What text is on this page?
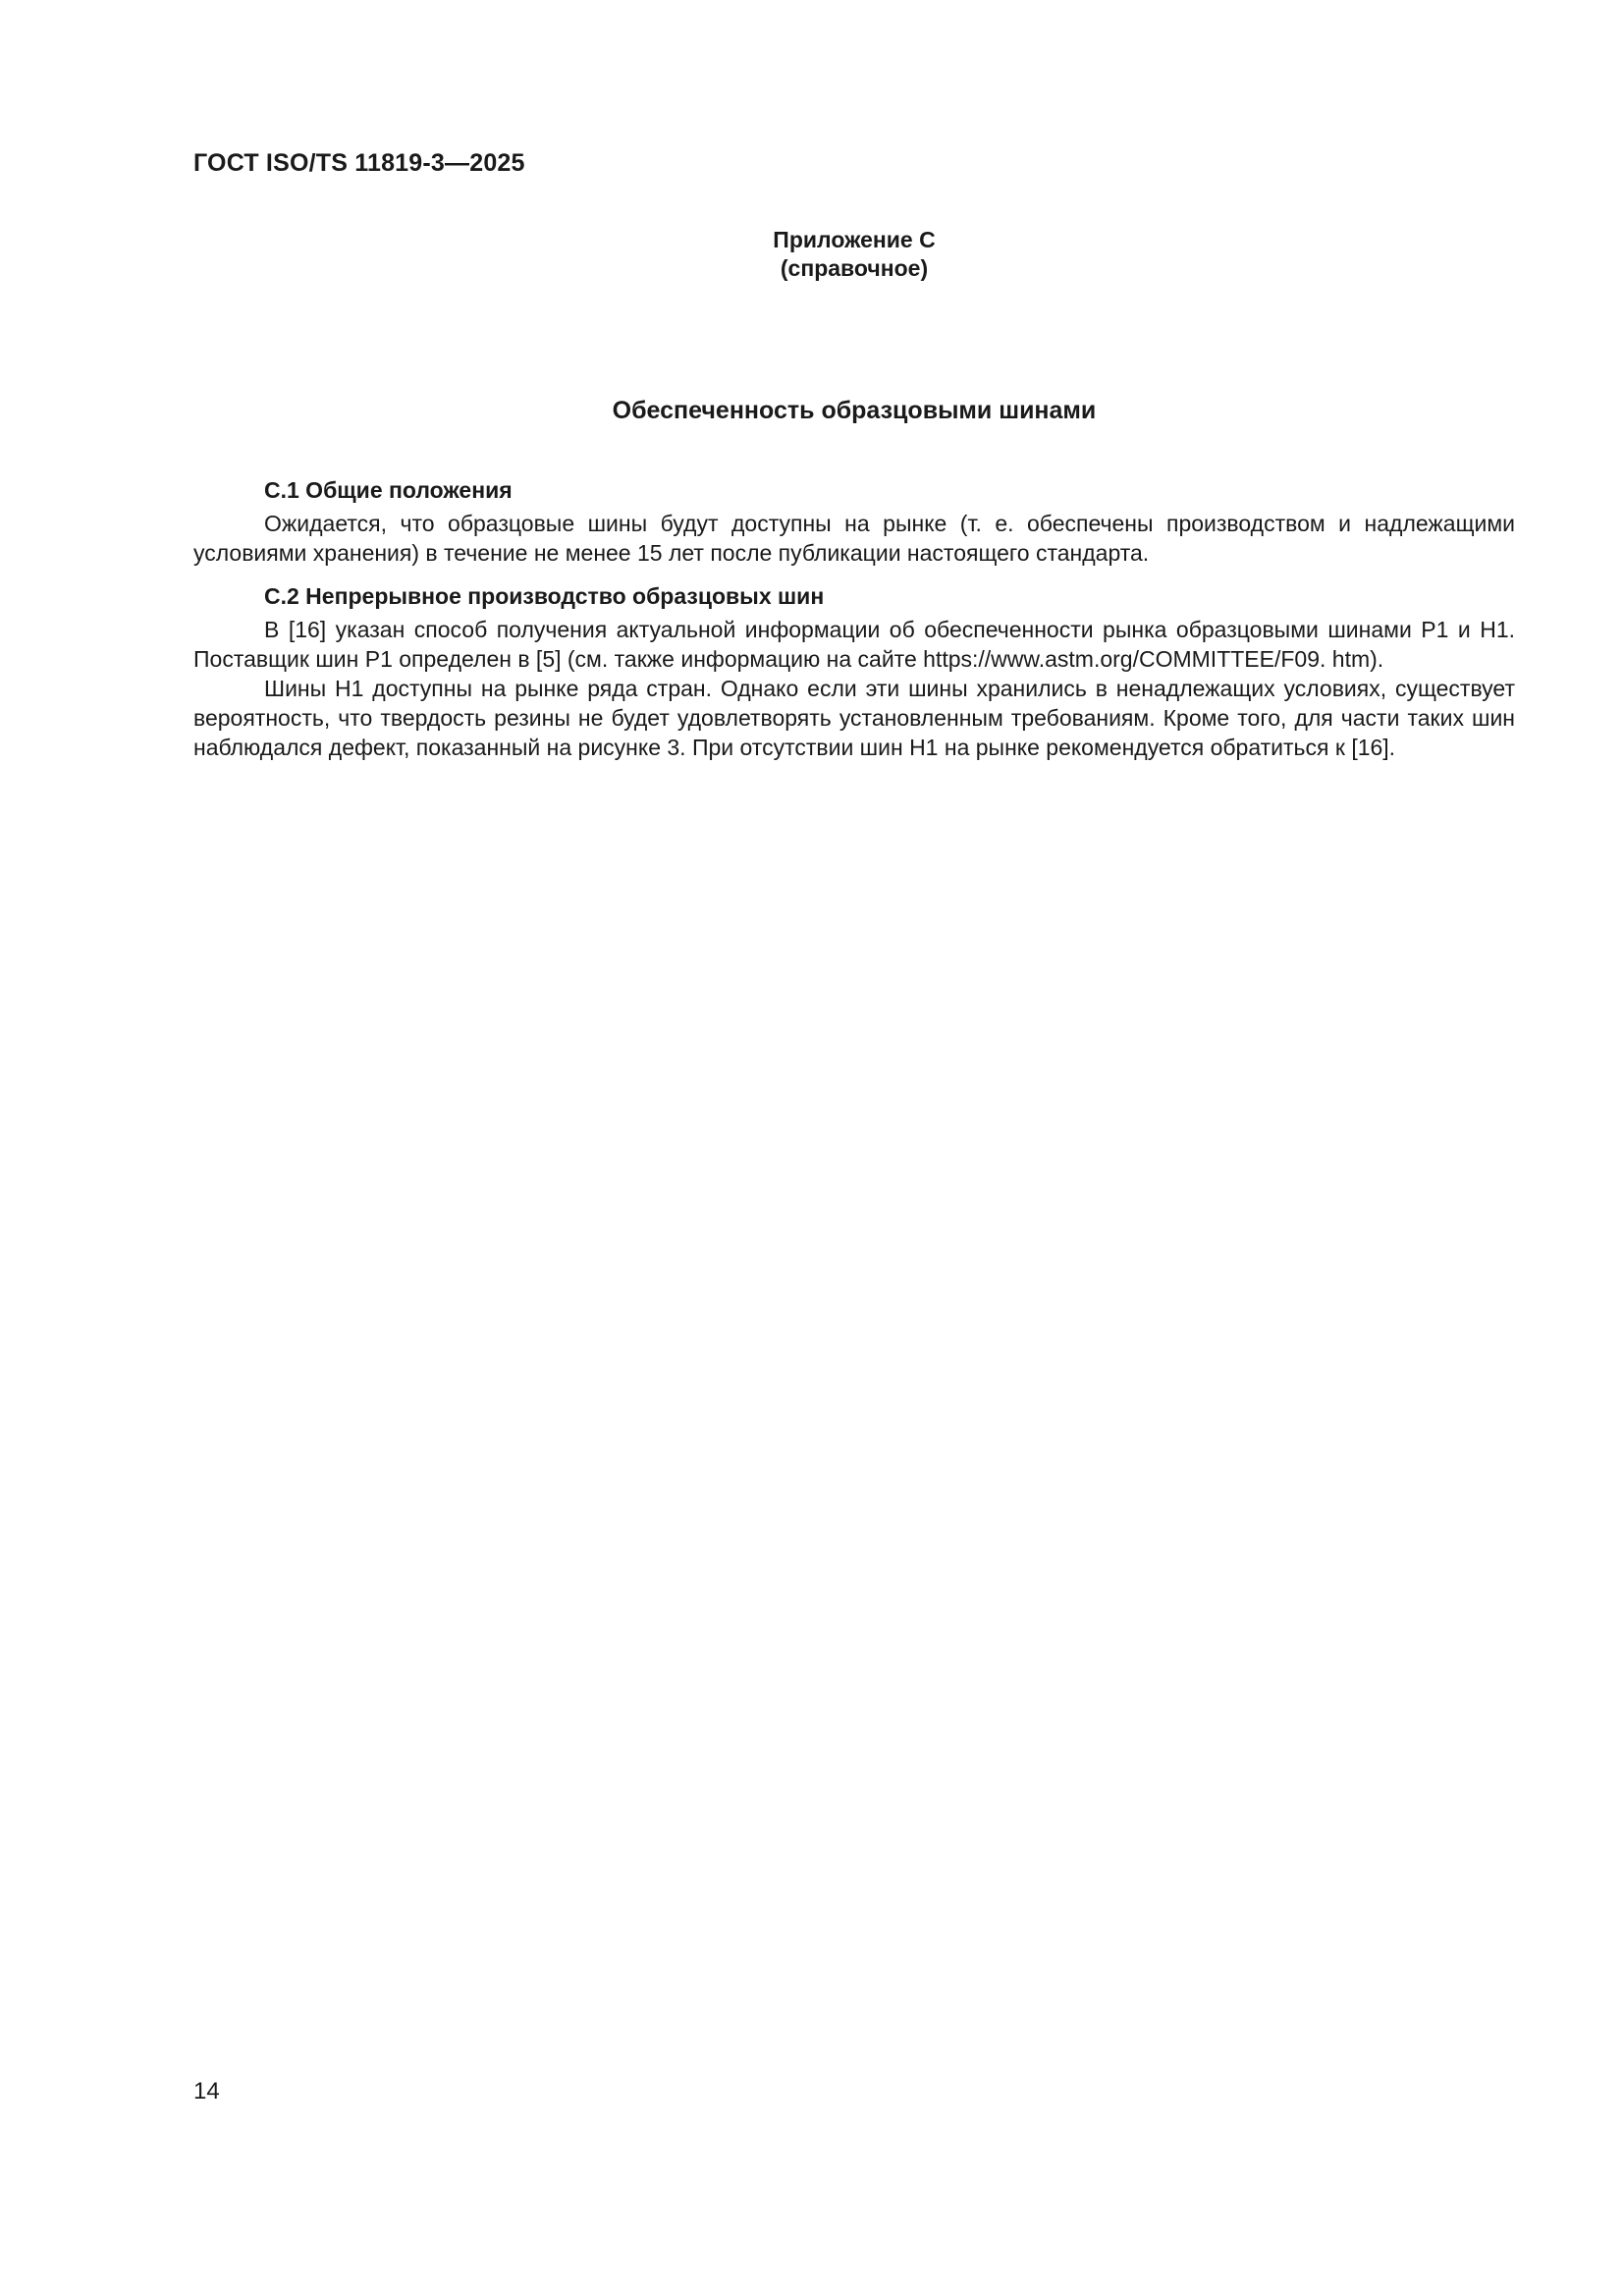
ГОСТ ISO/TS 11819-3—2025
Приложение С
(справочное)
Обеспеченность образцовыми шинами

С.1 Общие положения

Ожидается, что образцовые шины будут доступны на рынке (т. е. обеспечены производством и надлежащими условиями хранения) в течение не менее 15 лет после публикации настоящего стандарта.

С.2 Непрерывное производство образцовых шин

В [16] указан способ получения актуальной информации об обеспеченности рынка образцовыми шинами Р1 и Н1. Поставщик шин Р1 определен в [5] (см. также информацию на сайте https://www.astm.org/COMMITTEE/F09. htm).

Шины Н1 доступны на рынке ряда стран. Однако если эти шины хранились в ненадлежащих условиях, существует вероятность, что твердость резины не будет удовлетворять установленным требованиям. Кроме того, для части таких шин наблюдался дефект, показанный на рисунке 3. При отсутствии шин Н1 на рынке рекомендуется обратиться к [16].

14
